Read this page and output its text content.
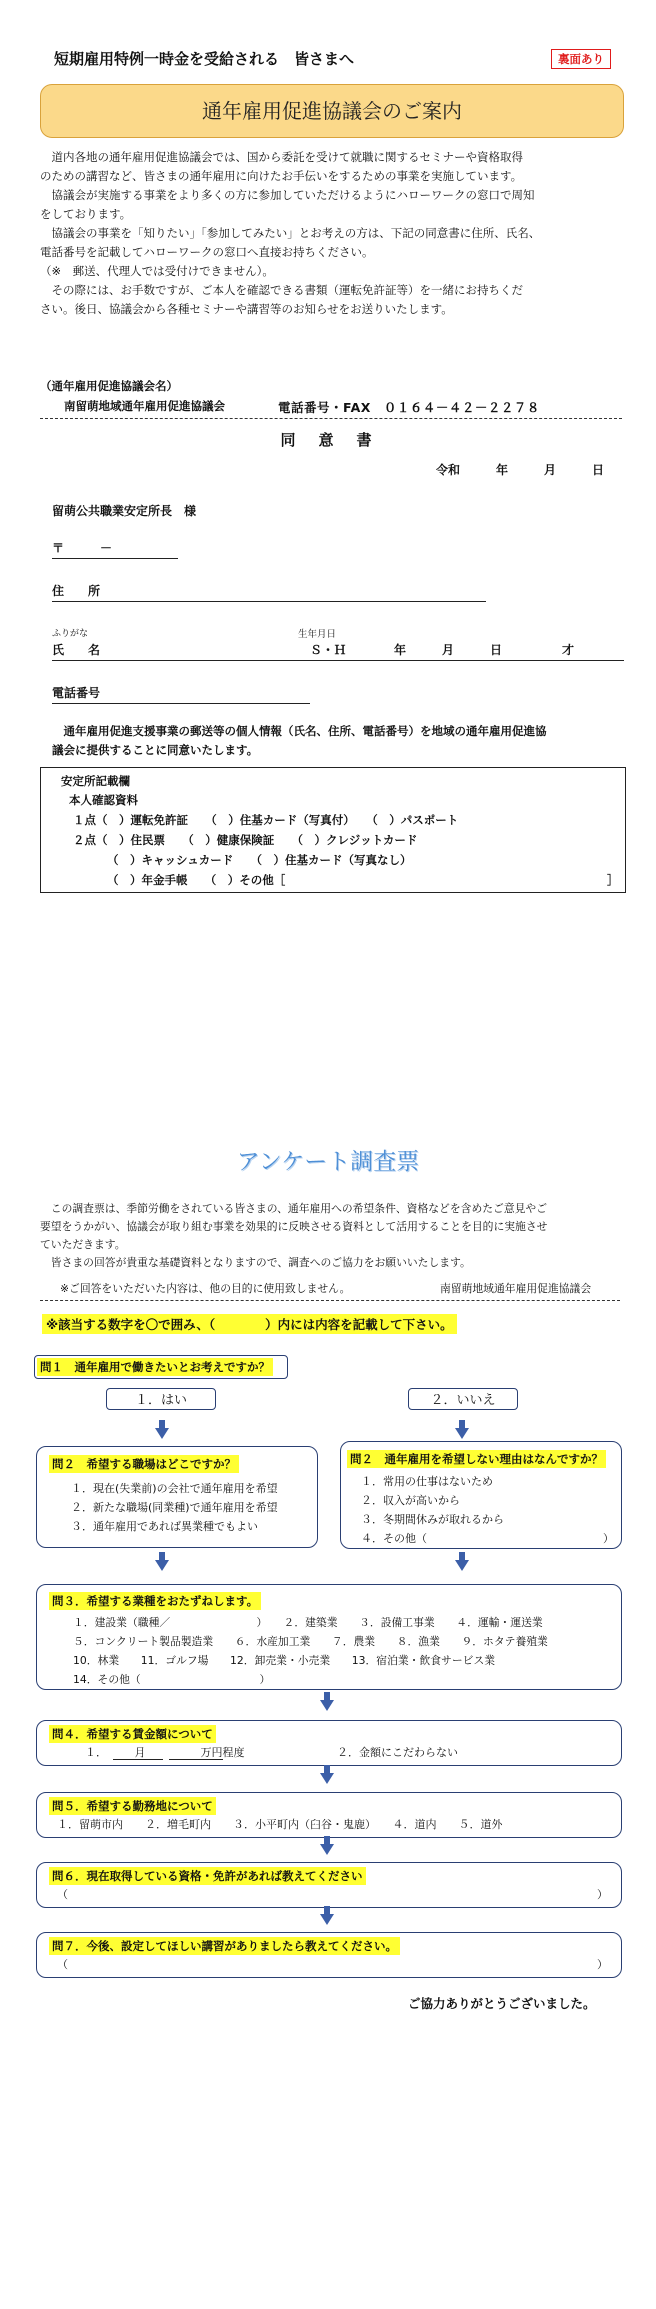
短期雇用特例一時金を受給される　皆さまへ	裏面あり
通年雇用促進協議会のご案内
　道内各地の通年雇用促進協議会では、国から委託を受けて就職に関するセミナーや資格取得
のための講習など、皆さまの通年雇用に向けたお手伝いをするための事業を実施しています。
　協議会が実施する事業をより多くの方に参加していただけるようにハローワークの窓口で周知
をしております。
　協議会の事業を「知りたい」「参加してみたい」とお考えの方は、下記の同意書に住所、氏名、
電話番号を記載してハローワークの窓口へ直接お持ちください。
（※　郵送、代理人では受付けできません）。
　その際には、お手数ですが、ご本人を確認できる書類（運転免許証等）を一緒にお持ちくだ
さい。後日、協議会から各種セミナーや講習等のお知らせをお送りいたします。
（通年雇用促進協議会名）
南留萌地域通年雇用促進協議会	電話番号・FAX　０１６４－４２－２２７８
同　意　書
令和　　　年　　　月　　　日
留萌公共職業安定所長　様
〒　　　－
住　　所
ふりがな	生年月日
氏　　名	Ｓ・Ｈ　　　　年　　　月　　　日　　　　　才
電話番号
　通年雇用促進支援事業の郵送等の個人情報（氏名、住所、電話番号）を地域の通年雇用促進協
議会に提供することに同意いたします。
安定所記載欄
本人確認資料
１点（　）運転免許証　　（　）住基カード（写真付）　　（　）パスポート
２点（　）住民票　　（　）健康保険証　　（　）クレジットカード
（　）キャッシュカード　　（　）住基カード（写真なし）
（　）年金手帳　　（　）その他［	］
アンケート調査票
　この調査票は、季節労働をされている皆さまの、通年雇用への希望条件、資格などを含めたご意見やご
要望をうかがい、協議会が取り組む事業を効果的に反映させる資料として活用することを目的に実施させ
ていただきます。
　皆さまの回答が貴重な基礎資料となりますので、調査へのご協力をお願いいたします。
※ご回答をいただいた内容は、他の目的に使用致しません。	南留萌地域通年雇用促進協議会
※該当する数字を〇で囲み、（　　　　）内には内容を記載して下さい。
問１　通年雇用で働きたいとお考えですか？
１．はい	２．いいえ
問２　希望する職場はどこですか？
１．現在(失業前)の会社で通年雇用を希望
２．新たな職場(同業種)で通年雇用を希望
３．通年雇用であれば異業種でもよい
問２　通年雇用を希望しない理由はなんですか？
１．常用の仕事はないため
２．収入が高いから
３．冬期間休みが取れるから
４．その他（	）
問３．希望する業種をおたずねします。
１．建設業（職種／　　　　　　　　）　　２．建築業　　３．設備工事業　　４．運輸・運送業
５．コンクリート製品製造業　　６．水産加工業　　７．農業　　８．漁業　　９．ホタテ養殖業
10．林業　　11．ゴルフ場　　12．卸売業・小売業　　13．宿泊業・飲食サービス業
14．その他（　　　　　　　　　　　）
問４．希望する賃金額について
１．　　　月　　　　　万円程度	２．金額にこだわらない
問５．希望する勤務地について
１．留萌市内　　２．増毛町内　　３．小平町内（臼谷・鬼鹿）　　４．道内　　５．道外
問６．現在取得している資格・免許があれば教えてください
（	）
問７．今後、設定してほしい講習がありましたら教えてください。
（	）
ご協力ありがとうございました。
